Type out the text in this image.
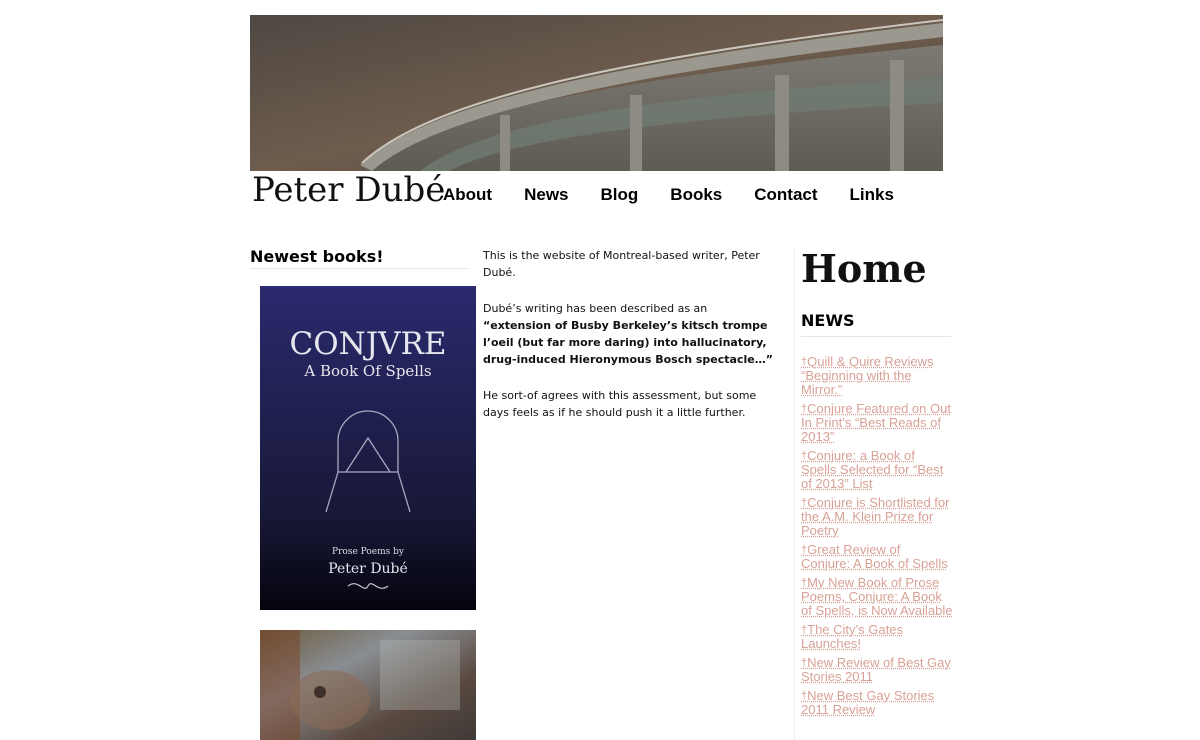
Peter Dubé
About News Blog Books Contact Links
Newest books!
CONJVRE
A Book Of Spells
Prose Poems by
Peter Dubé

This is the website of Montreal-based writer, Peter Dubé.

Dubé’s writing has been described as an “extension of Busby Berkeley’s kitsch trompe l’oeil (but far more daring) into hallucinatory, drug-induced Hieronymous Bosch spectacle…”

He sort-of agrees with this assessment, but some days feels as if he should push it a little further.

Home
NEWS
†Quill & Quire Reviews “Beginning with the Mirror.”
†Conjure Featured on Out In Print’s “Best Reads of 2013”
†Conjure: a Book of Spells Selected for “Best of 2013” List
†Conjure is Shortlisted for the A.M. Klein Prize for Poetry
†Great Review of Conjure: A Book of Spells
†My New Book of Prose Poems, Conjure: A Book of Spells, is Now Available
†The City’s Gates Launches!
†New Review of Best Gay Stories 2011
†New Best Gay Stories 2011 Review
